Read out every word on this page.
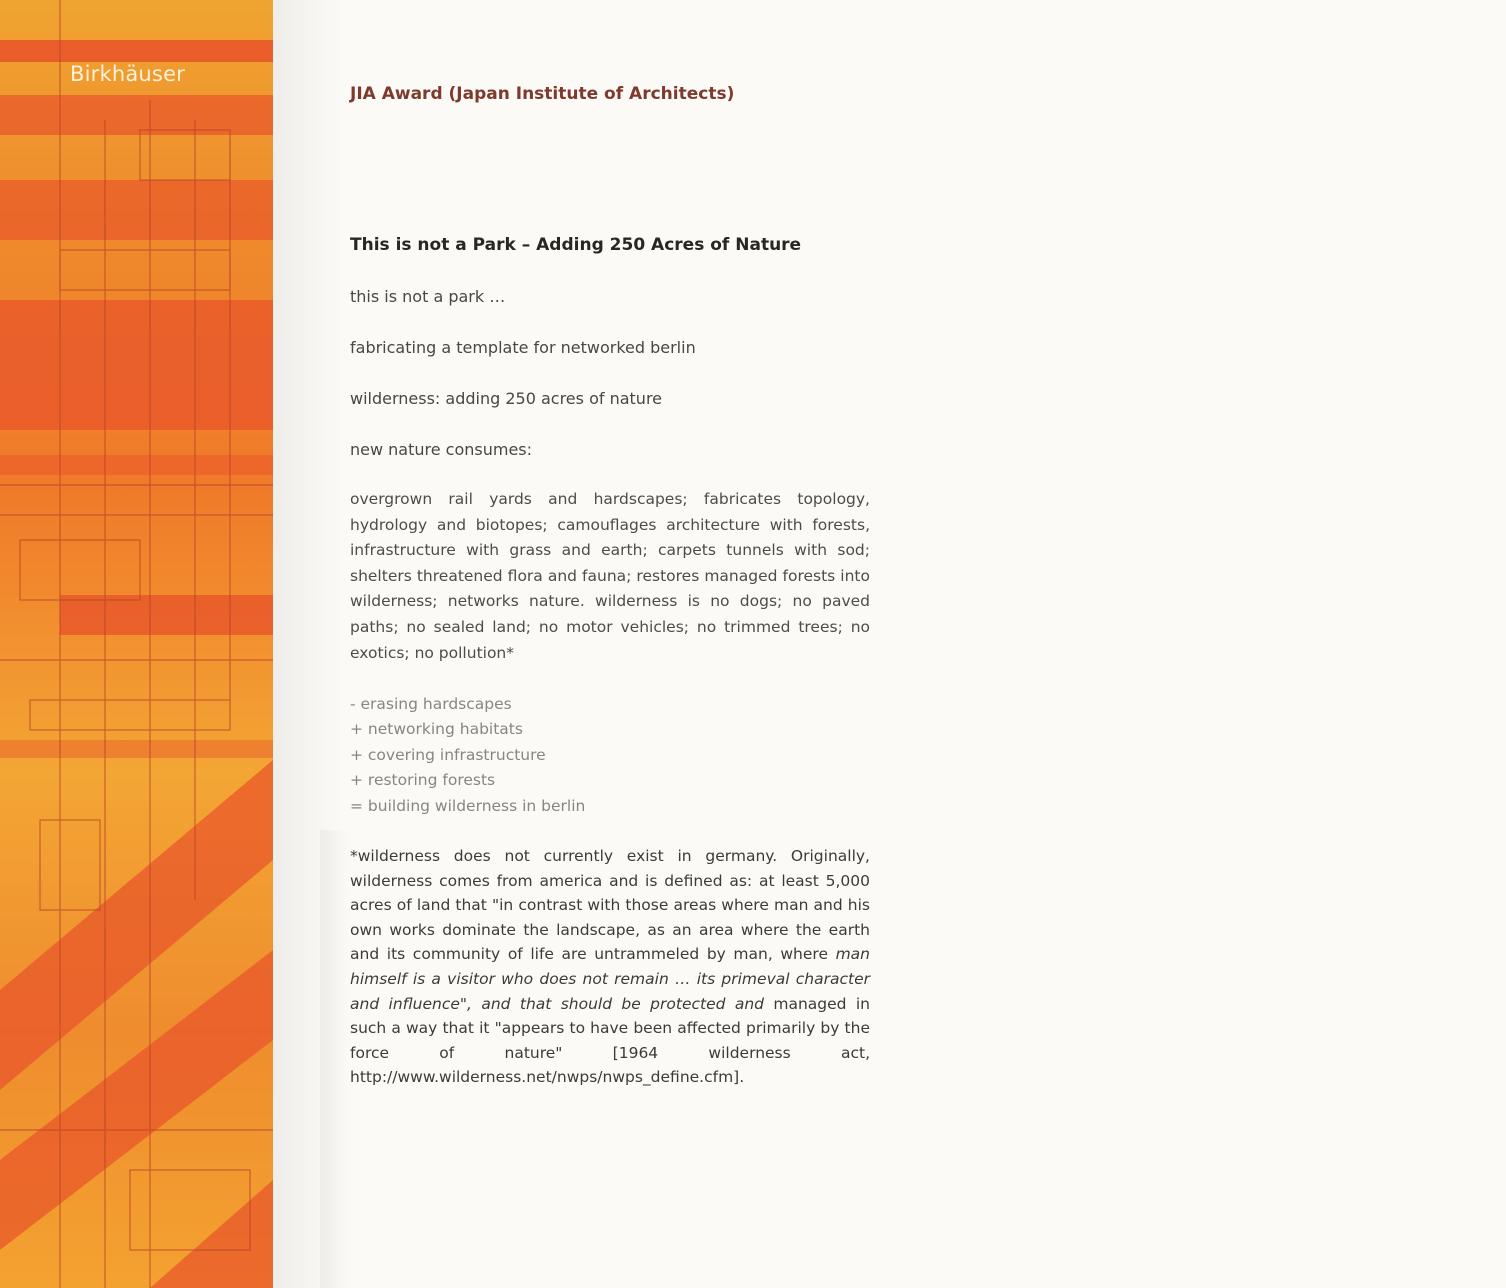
Birkhäuser
JIA Award (Japan Institute of Architects)
This is not a Park – Adding 250 Acres of Nature
this is not a park …
fabricating a template for networked berlin
wilderness: adding 250 acres of nature
new nature consumes:
overgrown rail yards and hardscapes; fabricates topology, hydrology and biotopes; camouflages architecture with forests, infrastructure with grass and earth; carpets tunnels with sod; shelters threatened flora and fauna; restores managed forests into wilderness; networks nature. wilderness is no dogs; no paved paths; no sealed land; no motor vehicles; no trimmed trees; no exotics; no pollution*
- erasing hardscapes
+ networking habitats
+ covering infrastructure
+ restoring forests
= building wilderness in berlin
*wilderness does not currently exist in germany. Originally, wilderness comes from america and is defined as: at least 5,000 acres of land that "in contrast with those areas where man and his own works dominate the landscape, as an area where the earth and its community of life are untrammeled by man, where man himself is a visitor who does not remain … its primeval character and influence", and that should be protected and managed in such a way that it "appears to have been affected primarily by the force of nature" [1964 wilderness act, http://www.wilderness.net/nwps/nwps_define.cfm].
